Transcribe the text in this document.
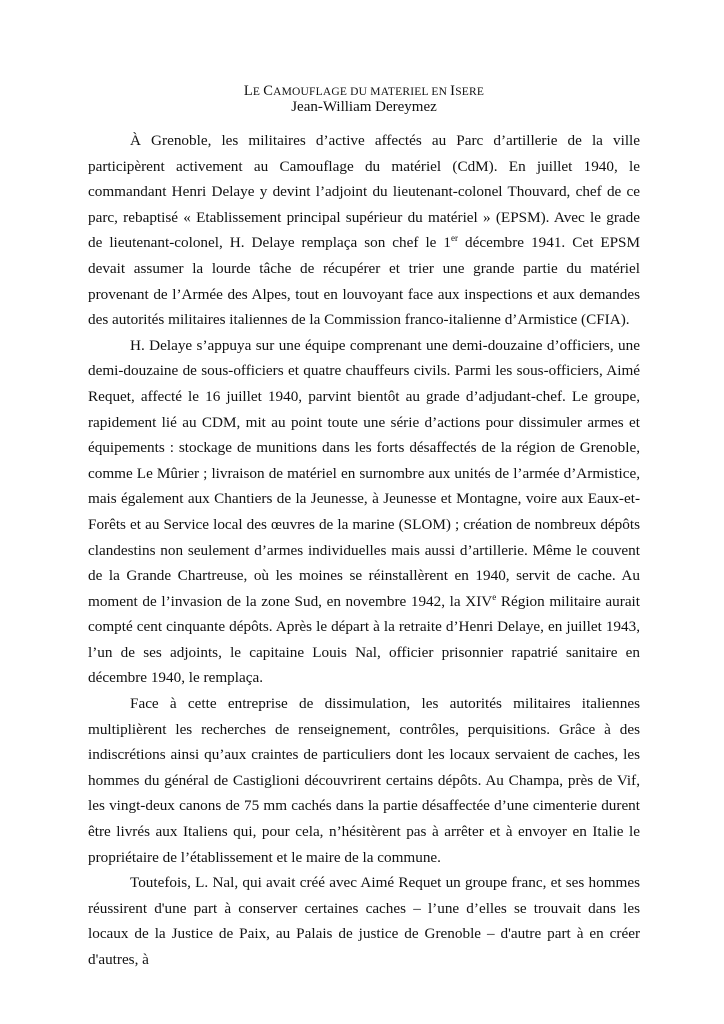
LE CAMOUFLAGE DU MATERIEL EN ISERE
Jean-William Dereymez

À Grenoble, les militaires d’active affectés au Parc d’artillerie de la ville participèrent activement au Camouflage du matériel (CdM). En juillet 1940, le commandant Henri Delaye y devint l’adjoint du lieutenant-colonel Thouvard, chef de ce parc, rebaptisé « Etablissement principal supérieur du matériel » (EPSM). Avec le grade de lieutenant-colonel, H. Delaye remplaça son chef le 1er décembre 1941. Cet EPSM devait assumer la lourde tâche de récupérer et trier une grande partie du matériel provenant de l’Armée des Alpes, tout en louvoyant face aux inspections et aux demandes des autorités militaires italiennes de la Commission franco-italienne d’Armistice (CFIA).

H. Delaye s’appuya sur une équipe comprenant une demi-douzaine d’officiers, une demi-douzaine de sous-officiers et quatre chauffeurs civils. Parmi les sous-officiers, Aimé Requet, affecté le 16 juillet 1940, parvint bientôt au grade d’adjudant-chef. Le groupe, rapidement lié au CDM, mit au point toute une série d’actions pour dissimuler armes et équipements : stockage de munitions dans les forts désaffectés de la région de Grenoble, comme Le Mûrier ; livraison de matériel en surnombre aux unités de l’armée d’Armistice, mais également aux Chantiers de la Jeunesse, à Jeunesse et Montagne, voire aux Eaux-et-Forêts et au Service local des œuvres de la marine (SLOM) ; création de nombreux dépôts clandestins non seulement d’armes individuelles mais aussi d’artillerie. Même le couvent de la Grande Chartreuse, où les moines se réinstallèrent en 1940, servit de cache. Au moment de l’invasion de la zone Sud, en novembre 1942, la XIVe Région militaire aurait compté cent cinquante dépôts. Après le départ à la retraite d’Henri Delaye, en juillet 1943, l’un de ses adjoints, le capitaine Louis Nal, officier prisonnier rapatrié sanitaire en décembre 1940, le remplaça.

Face à cette entreprise de dissimulation, les autorités militaires italiennes multiplièrent les recherches de renseignement, contrôles, perquisitions. Grâce à des indiscrétions ainsi qu’aux craintes de particuliers dont les locaux servaient de caches, les hommes du général de Castiglioni découvrirent certains dépôts. Au Champa, près de Vif, les vingt-deux canons de 75 mm cachés dans la partie désaffectée d’une cimenterie durent être livrés aux Italiens qui, pour cela, n’hésitèrent pas à arrêter et à envoyer en Italie le propriétaire de l’établissement et le maire de la commune.

Toutefois, L. Nal, qui avait créé avec Aimé Requet un groupe franc, et ses hommes réussirent d'une part à conserver certaines caches – l’une d’elles se trouvait dans les locaux de la Justice de Paix, au Palais de justice de Grenoble – d'autre part à en créer d'autres, à
